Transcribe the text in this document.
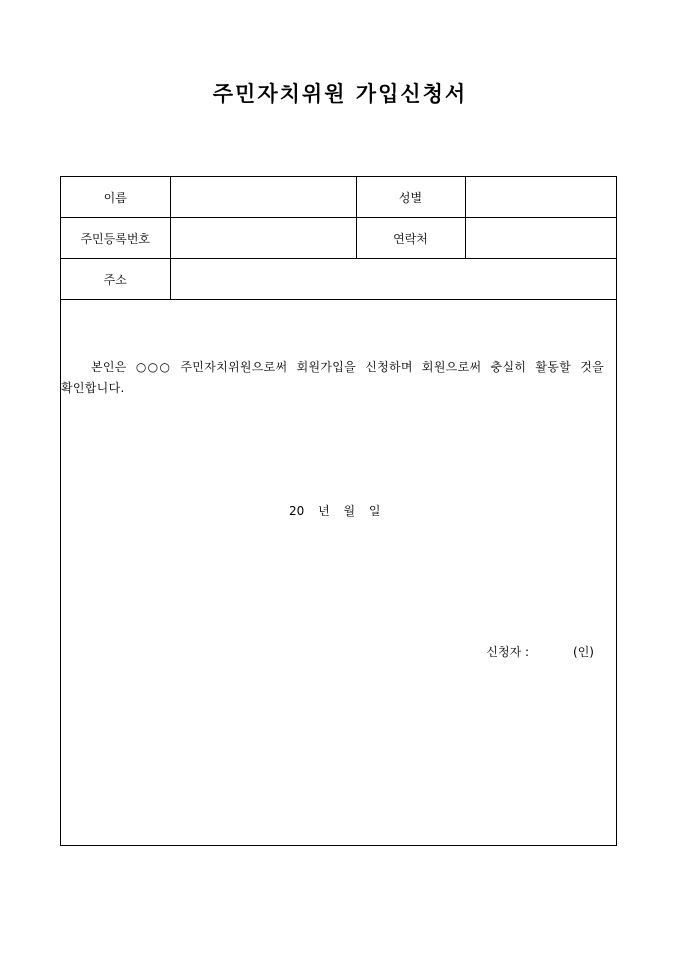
주민자치위원 가입신청서
이름		성별	
주민등록번호		연락처	
주소			
본인은 ○○○ 주민자치위원으로써 회원가입을 신청하며 회원으로써 충실히 활동할 것을 확인합니다.
20 년 월 일
신청자 :	(인)
